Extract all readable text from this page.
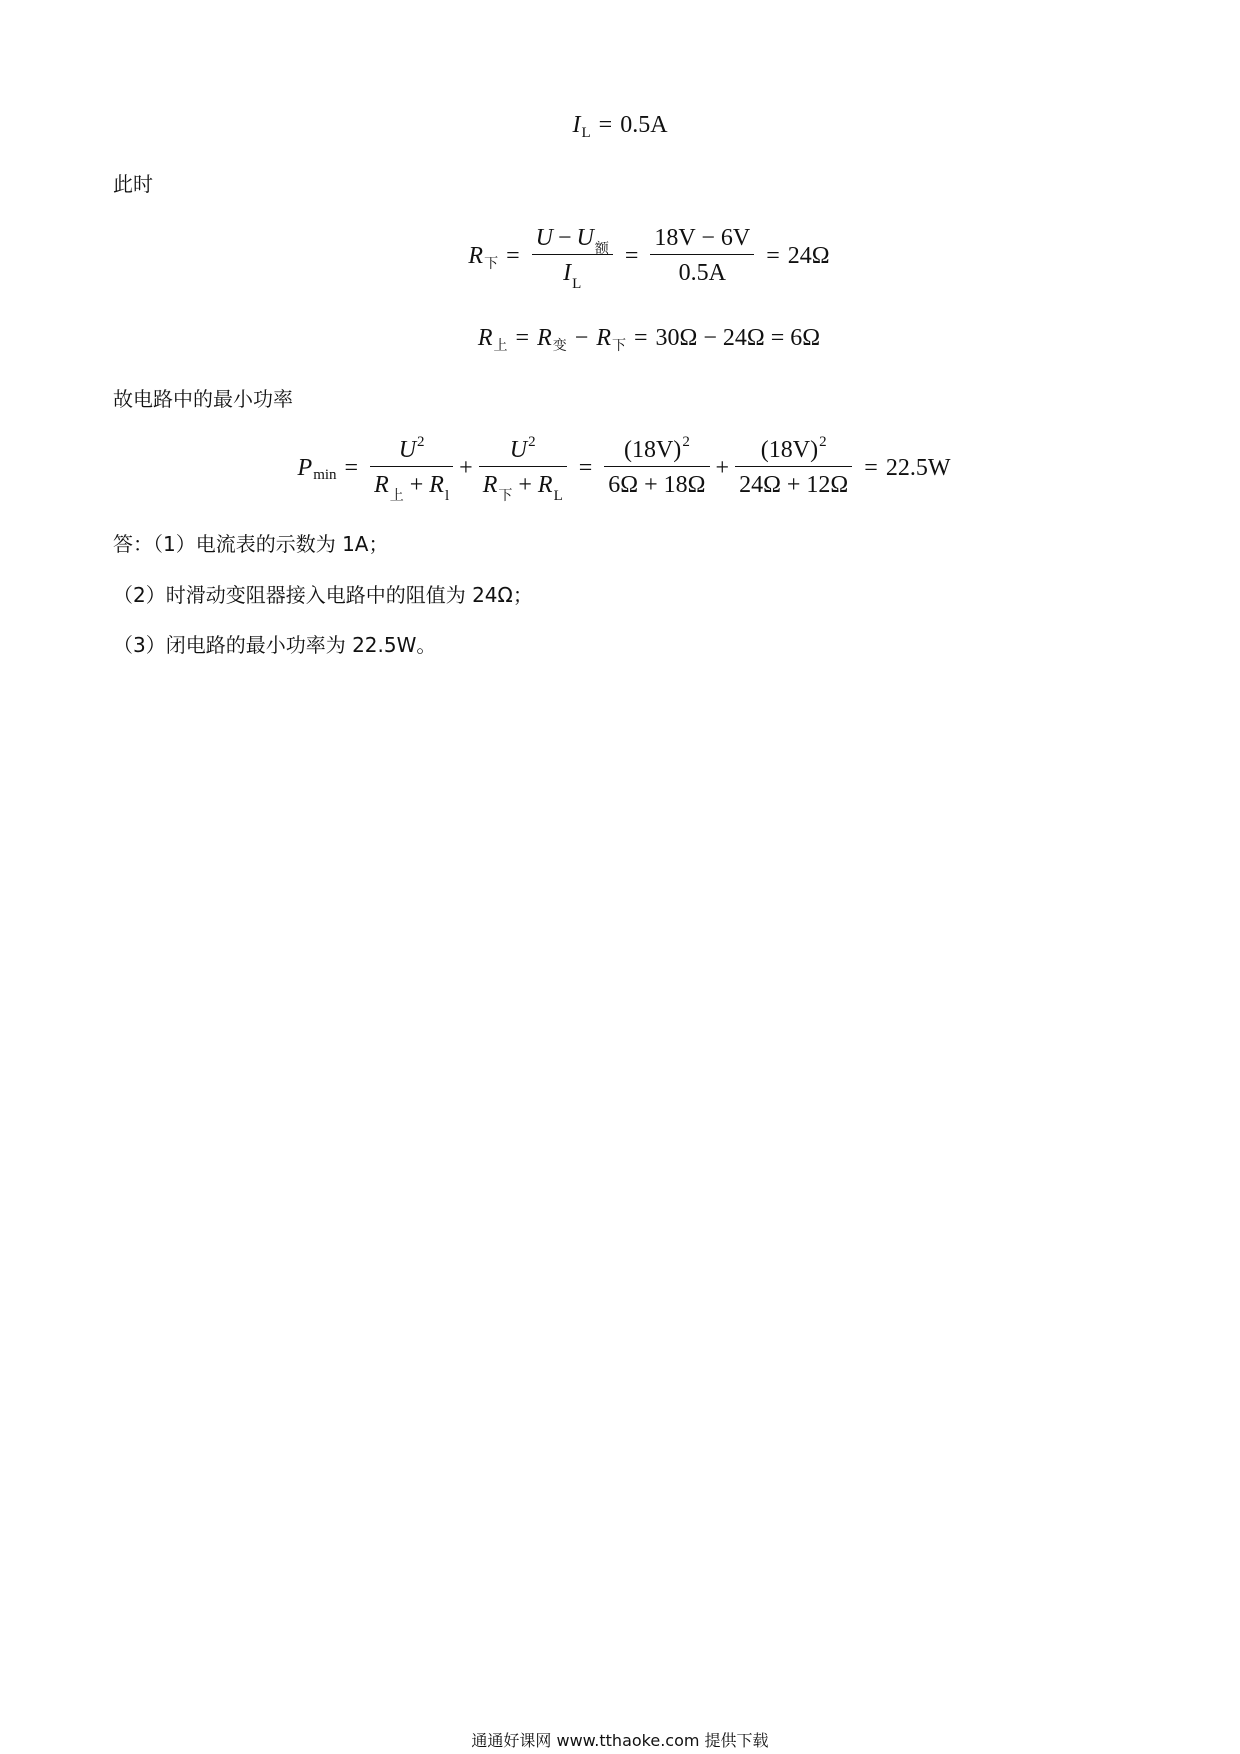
I L = 0.5A
此时
R 下 = $\frac{\text{U − U 额}}{\text{I L}} = \frac{18V - 6V}{0.5A} = 24\Omega$
R 上 = R 变 − R 下 = 30Ω − 24Ω = 6Ω
故电路中的最小功率
P $\min = \frac{U 2}{\text{R 上 + R l}} + \frac{U 2}{\text{R 下 + R L}} = \frac{(18V) 2}{6\Omega + 18\Omega} + \frac{(18V) 2}{24\Omega + 12\Omega} = 22.5W$
答：（1）电流表的示数为 1A；
（2）时滑动变阻器接入电路中的阻值为 24Ω；
（3）闭电路的最小功率为 22.5W。
通通好课网 www.tthaoke.com 提供下载
